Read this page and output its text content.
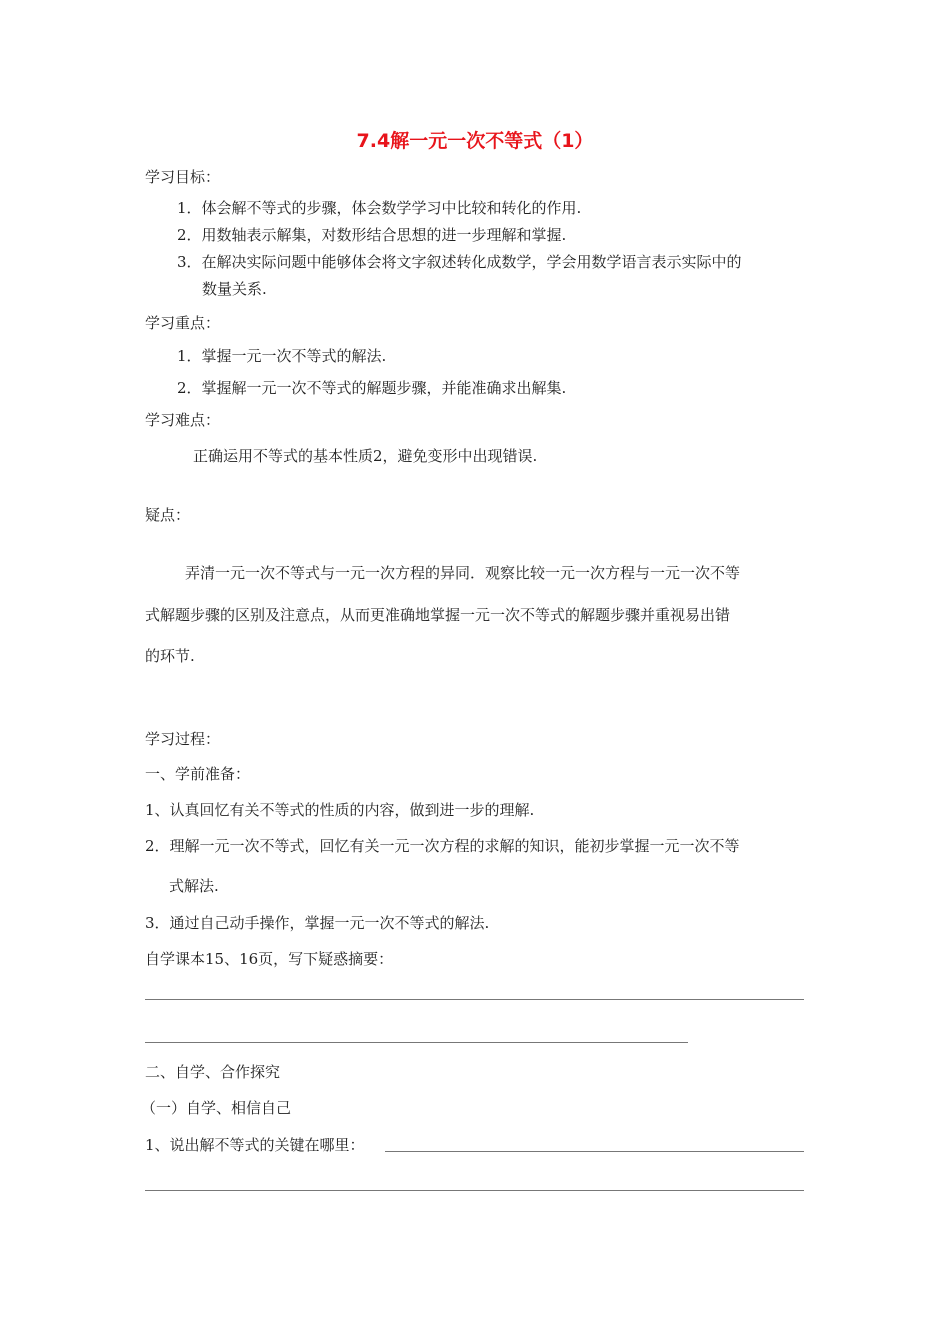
7.4解一元一次不等式（1）
学习目标：
1．体会解不等式的步骤，体会数学学习中比较和转化的作用.
2．用数轴表示解集，对数形结合思想的进一步理解和掌握.
3．在解决实际问题中能够体会将文字叙述转化成数学，学会用数学语言表示实际中的
数量关系.
学习重点：
1．掌握一元一次不等式的解法.
2．掌握解一元一次不等式的解题步骤，并能准确求出解集.
学习难点：
正确运用不等式的基本性质2，避免变形中出现错误.
疑点：
弄清一元一次不等式与一元一次方程的异同．观察比较一元一次方程与一元一次不等
式解题步骤的区别及注意点，从而更准确地掌握一元一次不等式的解题步骤并重视易出错
的环节.
学习过程：
一、学前准备：
1、认真回忆有关不等式的性质的内容，做到进一步的理解.
2．理解一元一次不等式，回忆有关一元一次方程的求解的知识，能初步掌握一元一次不等
式解法.
3．通过自己动手操作，掌握一元一次不等式的解法.
自学课本15、16页，写下疑惑摘要：
二、自学、合作探究
（一）自学、相信自己
1、说出解不等式的关键在哪里：
